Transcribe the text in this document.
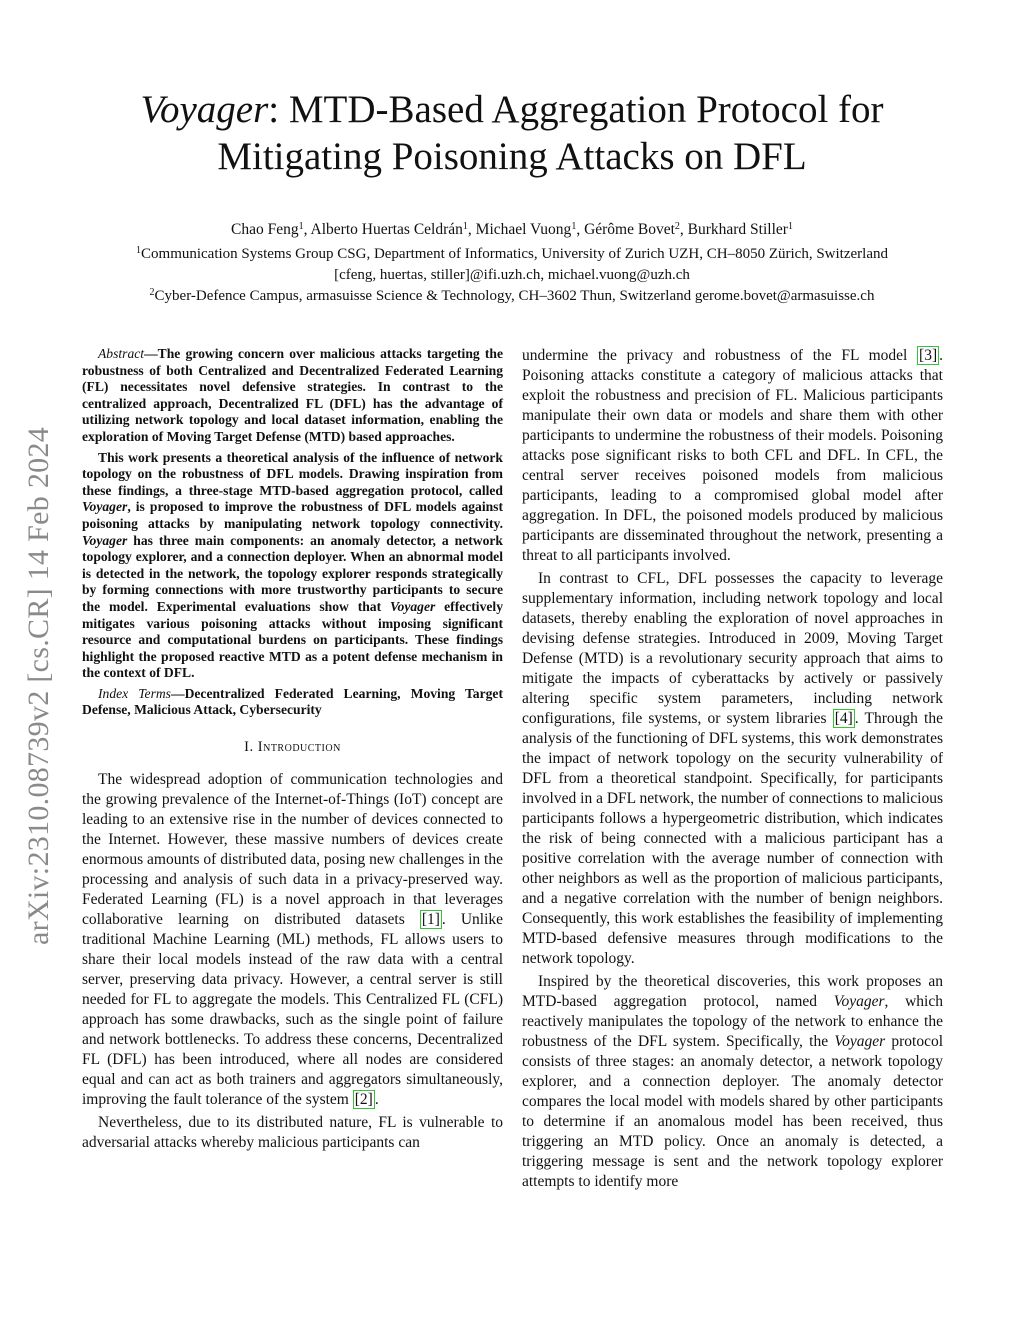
arXiv:2310.08739v2 [cs.CR] 14 Feb 2024
Voyager: MTD-Based Aggregation Protocol for
Mitigating Poisoning Attacks on DFL
Chao Feng$^1$, Alberto Huertas Celdrán$^1$, Michael Vuong$^1$, Gérôme Bovet$^2$, Burkhard Stiller$^1$
$^1$Communication Systems Group CSG, Department of Informatics, University of Zurich UZH, CH–8050 Zürich, Switzerland
[cfeng, huertas, stiller]@ifi.uzh.ch, michael.vuong@uzh.ch
$^2$Cyber-Defence Campus, armasuisse Science & Technology, CH–3602 Thun, Switzerland gerome.bovet@armasuisse.ch

Abstract—The growing concern over malicious attacks targeting the robustness of both Centralized and Decentralized Federated Learning (FL) necessitates novel defensive strategies. In contrast to the centralized approach, Decentralized FL (DFL) has the advantage of utilizing network topology and local dataset information, enabling the exploration of Moving Target Defense (MTD) based approaches.

This work presents a theoretical analysis of the influence of network topology on the robustness of DFL models. Drawing inspiration from these findings, a three-stage MTD-based aggregation protocol, called Voyager, is proposed to improve the robustness of DFL models against poisoning attacks by manipulating network topology connectivity. Voyager has three main components: an anomaly detector, a network topology explorer, and a connection deployer. When an abnormal model is detected in the network, the topology explorer responds strategically by forming connections with more trustworthy participants to secure the model. Experimental evaluations show that Voyager effectively mitigates various poisoning attacks without imposing significant resource and computational burdens on participants. These findings highlight the proposed reactive MTD as a potent defense mechanism in the context of DFL.

Index Terms—Decentralized Federated Learning, Moving Target Defense, Malicious Attack, Cybersecurity

I. Introduction

The widespread adoption of communication technologies and the growing prevalence of the Internet-of-Things (IoT) concept are leading to an extensive rise in the number of devices connected to the Internet. However, these massive numbers of devices create enormous amounts of distributed data, posing new challenges in the processing and analysis of such data in a privacy-preserved way. Federated Learning (FL) is a novel approach in that leverages collaborative learning on distributed datasets [1] . Unlike traditional Machine Learning (ML) methods, FL allows users to share their local models instead of the raw data with a central server, preserving data privacy. However, a central server is still needed for FL to aggregate the models. This Centralized FL (CFL) approach has some drawbacks, such as the single point of failure and network bottlenecks. To address these concerns, Decentralized FL (DFL) has been introduced, where all nodes are considered equal and can act as both trainers and aggregators simultaneously, improving the fault tolerance of the system [2] .

Nevertheless, due to its distributed nature, FL is vulnerable to adversarial attacks whereby malicious participants can

undermine the privacy and robustness of the FL model [3] . Poisoning attacks constitute a category of malicious attacks that exploit the robustness and precision of FL. Malicious participants manipulate their own data or models and share them with other participants to undermine the robustness of their models. Poisoning attacks pose significant risks to both CFL and DFL. In CFL, the central server receives poisoned models from malicious participants, leading to a compromised global model after aggregation. In DFL, the poisoned models produced by malicious participants are disseminated throughout the network, presenting a threat to all participants involved.

In contrast to CFL, DFL possesses the capacity to leverage supplementary information, including network topology and local datasets, thereby enabling the exploration of novel approaches in devising defense strategies. Introduced in 2009, Moving Target Defense (MTD) is a revolutionary security approach that aims to mitigate the impacts of cyberattacks by actively or passively altering specific system parameters, including network configurations, file systems, or system libraries [4] . Through the analysis of the functioning of DFL systems, this work demonstrates the impact of network topology on the security vulnerability of DFL from a theoretical standpoint. Specifically, for participants involved in a DFL network, the number of connections to malicious participants follows a hypergeometric distribution, which indicates the risk of being connected with a malicious participant has a positive correlation with the average number of connection with other neighbors as well as the proportion of malicious participants, and a negative correlation with the number of benign neighbors. Consequently, this work establishes the feasibility of implementing MTD-based defensive measures through modifications to the network topology.

Inspired by the theoretical discoveries, this work proposes an MTD-based aggregation protocol, named Voyager, which reactively manipulates the topology of the network to enhance the robustness of the DFL system. Specifically, the Voyager protocol consists of three stages: an anomaly detector, a network topology explorer, and a connection deployer. The anomaly detector compares the local model with models shared by other participants to determine if an anomalous model has been received, thus triggering an MTD policy. Once an anomaly is detected, a triggering message is sent and the network topology explorer attempts to identify more
